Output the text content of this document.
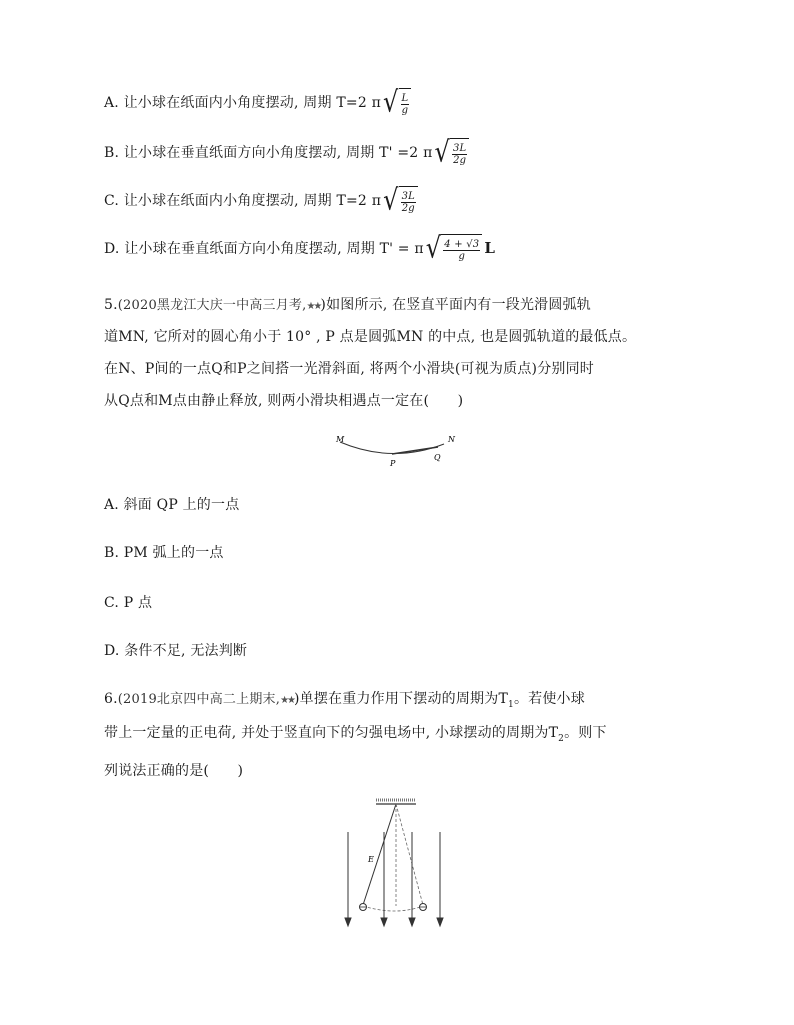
A. 让小球在纸面内小角度摆动, 周期 T=2 π √ $\frac{L}{g}$
B. 让小球在垂直纸面方向小角度摆动, 周期 T' =2 π √ $\frac{3L}{2g}$
C. 让小球在纸面内小角度摆动, 周期 T=2 π √ $\frac{3L}{2g}$
D. 让小球在垂直纸面方向小角度摆动, 周期 T' = π √ $\frac{4 + √3}{g}$ L
5.(2020黑龙江大庆一中高三月考,★★)如图所示, 在竖直平面内有一段光滑圆弧轨
道MN, 它所对的圆心角小于 10° , P 点是圆弧MN 的中点, 也是圆弧轨道的最低点。
在N、P间的一点Q和P之间搭一光滑斜面, 将两个小滑块(可视为质点)分别同时
从Q点和M点由静止释放, 则两小滑块相遇点一定在(　　)
M	N
P
Q
A. 斜面 QP 上的一点
B. PM 弧上的一点
C. P 点
D. 条件不足, 无法判断
6.(2019北京四中高二上期末,★★)单摆在重力作用下摆动的周期为$T_1$。若使小球
带上一定量的正电荷, 并处于竖直向下的匀强电场中, 小球摆动的周期为$T_2$。则下
列说法正确的是(　　)
E
